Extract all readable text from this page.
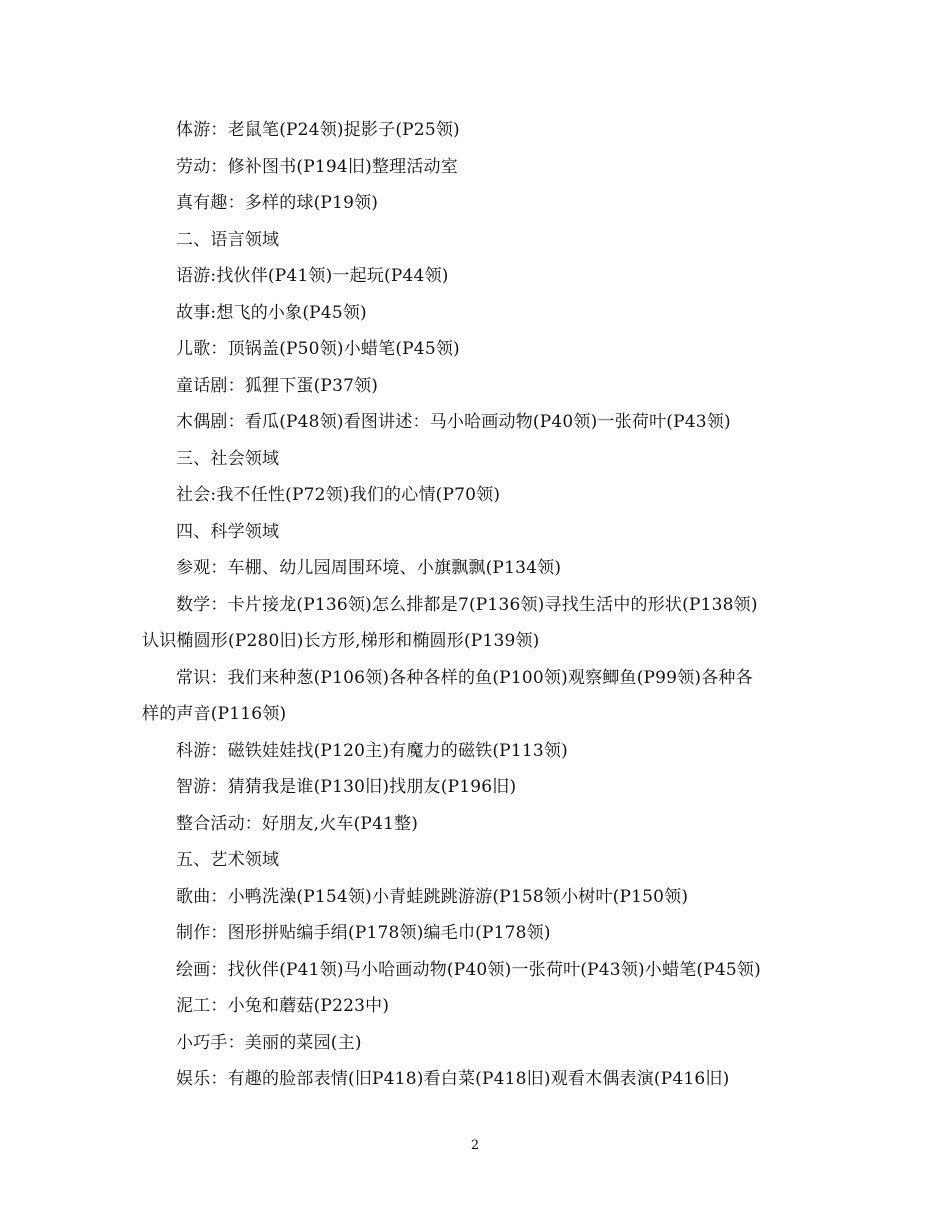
体游：老鼠笔(P24领)捉影子(P25领)
劳动：修补图书(P194旧)整理活动室
真有趣：多样的球(P19领)
二、语言领域
语游:找伙伴(P41领)一起玩(P44领)
故事:想飞的小象(P45领)
儿歌：顶锅盖(P50领)小蜡笔(P45领)
童话剧：狐狸下蛋(P37领)
木偶剧：看瓜(P48领)看图讲述：马小哈画动物(P40领)一张荷叶(P43领)
三、社会领域
社会:我不任性(P72领)我们的心情(P70领)
四、科学领域
参观：车棚、幼儿园周围环境、小旗飘飘(P134领)
数学：卡片接龙(P136领)怎么排都是7(P136领)寻找生活中的形状(P138领)
认识椭圆形(P280旧)长方形,梯形和椭圆形(P139领)
常识：我们来种葱(P106领)各种各样的鱼(P100领)观察鲫鱼(P99领)各种各
样的声音(P116领)
科游：磁铁娃娃找(P120主)有魔力的磁铁(P113领)
智游：猜猜我是谁(P130旧)找朋友(P196旧)
整合活动：好朋友,火车(P41整)
五、艺术领域
歌曲：小鸭洗澡(P154领)小青蛙跳跳游游(P158领小树叶(P150领)
制作：图形拼贴编手绢(P178领)编毛巾(P178领)
绘画：找伙伴(P41领)马小哈画动物(P40领)一张荷叶(P43领)小蜡笔(P45领)
泥工：小兔和蘑菇(P223中)
小巧手：美丽的菜园(主)
娱乐：有趣的脸部表情(旧P418)看白菜(P418旧)观看木偶表演(P416旧)
2
